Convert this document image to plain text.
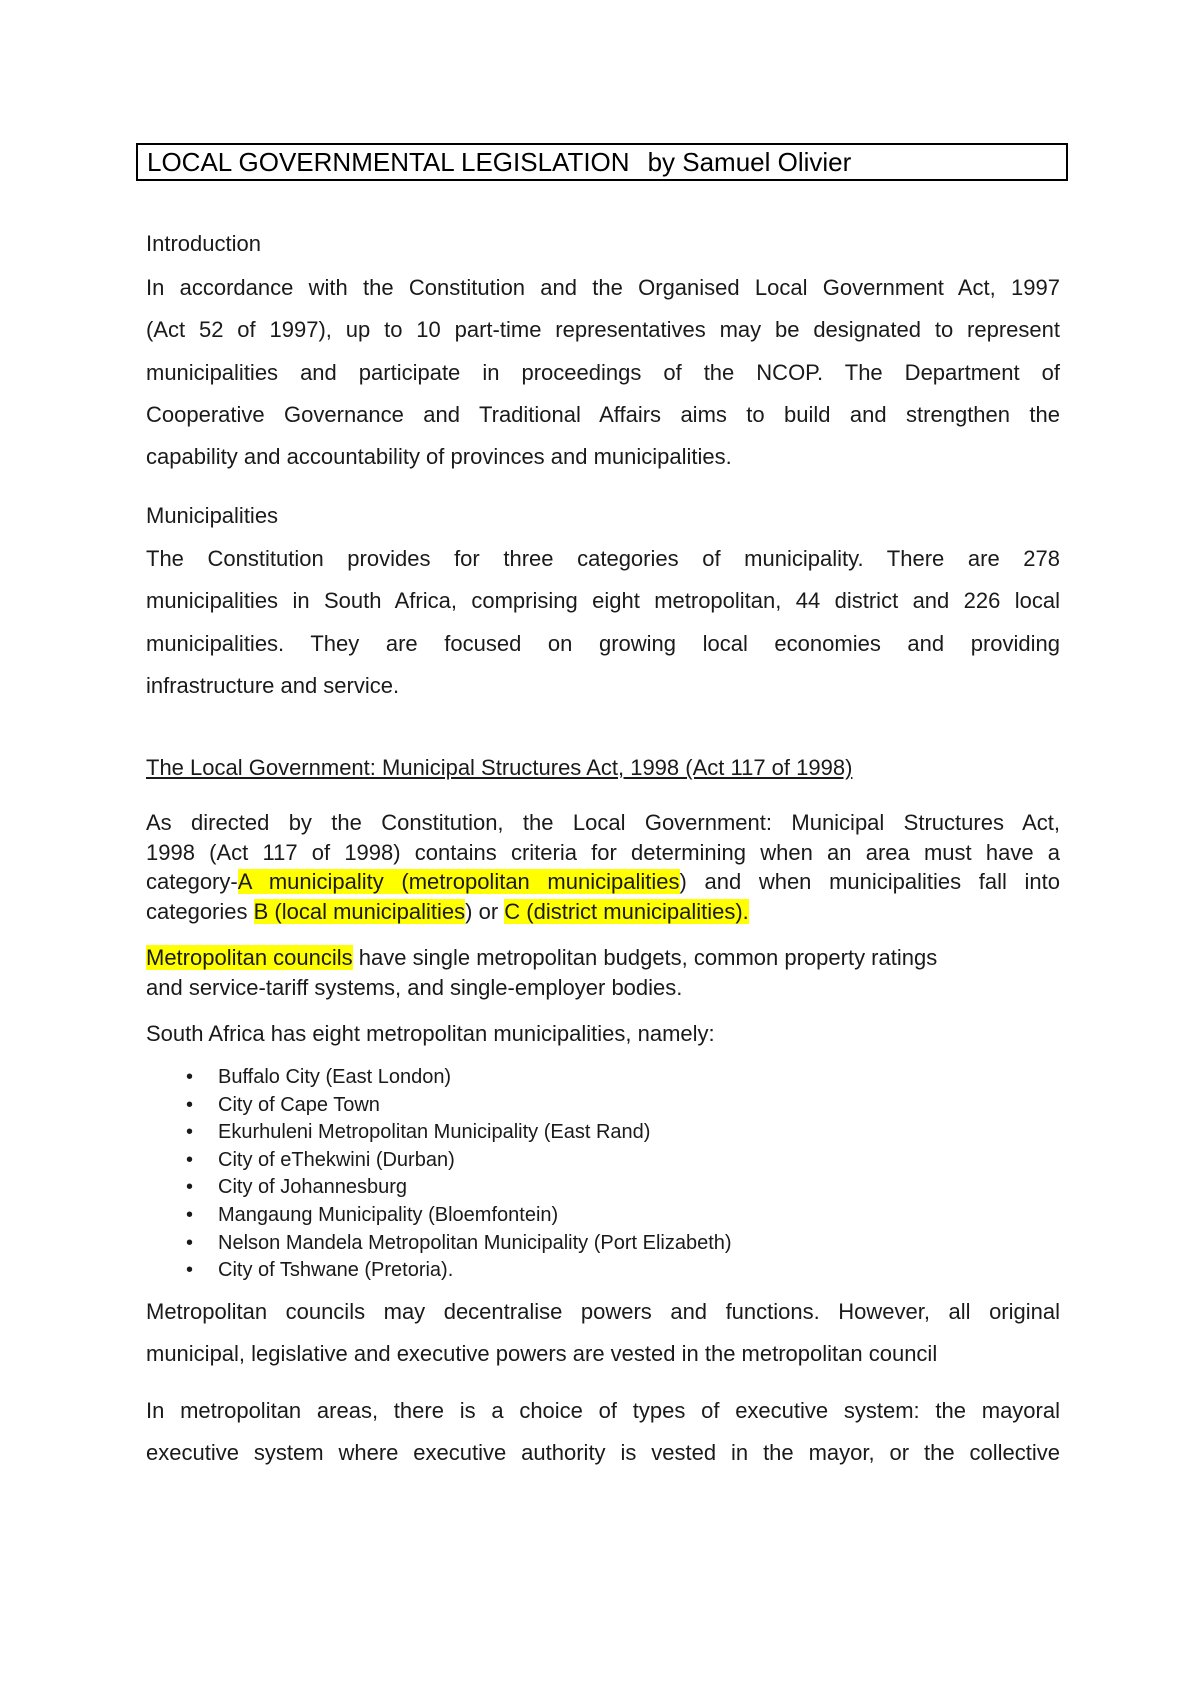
LOCAL GOVERNMENTAL LEGISLATION by Samuel Olivier
Introduction
In accordance with the Constitution and the Organised Local Government Act, 1997
(Act 52 of 1997), up to 10 part-time representatives may be designated to represent
municipalities and participate in proceedings of the NCOP. The Department of
Cooperative Governance and Traditional Affairs aims to build and strengthen the
capability and accountability of provinces and municipalities.
Municipalities
The Constitution provides for three categories of municipality. There are 278
municipalities in South Africa, comprising eight metropolitan, 44 district and 226 local
municipalities. They are focused on growing local economies and providing
infrastructure and service.
The Local Government: Municipal Structures Act, 1998 (Act 117 of 1998)
As directed by the Constitution, the Local Government: Municipal Structures Act,
1998 (Act 117 of 1998) contains criteria for determining when an area must have a
category-A municipality (metropolitan municipalities) and when municipalities fall into
categories B (local municipalities) or C (district municipalities).
Metropolitan councils have single metropolitan budgets, common property ratings
and service-tariff systems, and single-employer bodies.
South Africa has eight metropolitan municipalities, namely:
• Buffalo City (East London)
• City of Cape Town
• Ekurhuleni Metropolitan Municipality (East Rand)
• City of eThekwini (Durban)
• City of Johannesburg
• Mangaung Municipality (Bloemfontein)
• Nelson Mandela Metropolitan Municipality (Port Elizabeth)
• City of Tshwane (Pretoria).
Metropolitan councils may decentralise powers and functions. However, all original
municipal, legislative and executive powers are vested in the metropolitan council
In metropolitan areas, there is a choice of types of executive system: the mayoral
executive system where executive authority is vested in the mayor, or the collective
